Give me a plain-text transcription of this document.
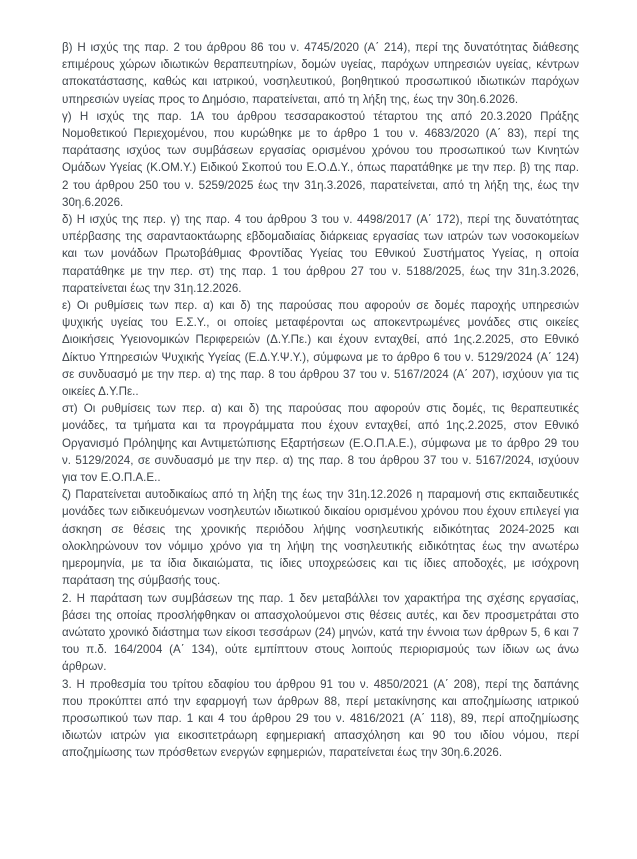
β) Η ισχύς της παρ. 2 του άρθρου 86 του ν. 4745/2020 (Α΄ 214), περί της δυνατότητας διάθεσης επιμέρους χώρων ιδιωτικών θεραπευτηρίων, δομών υγείας, παρόχων υπηρεσιών υγείας, κέντρων αποκατάστασης, καθώς και ιατρικού, νοσηλευτικού, βοηθητικού προσωπικού ιδιωτικών παρόχων υπηρεσιών υγείας προς το Δημόσιο, παρατείνεται, από τη λήξη της, έως την 30η.6.2026.

γ) Η ισχύς της παρ. 1Α του άρθρου τεσσαρακοστού τέταρτου της από 20.3.2020 Πράξης Νομοθετικού Περιεχομένου, που κυρώθηκε με το άρθρο 1 του ν. 4683/2020 (Α΄ 83), περί της παράτασης ισχύος των συμβάσεων εργασίας ορισμένου χρόνου του προσωπικού των Κινητών Ομάδων Υγείας (Κ.ΟΜ.Υ.) Ειδικού Σκοπού του Ε.Ο.Δ.Υ., όπως παρατάθηκε με την περ. β) της παρ. 2 του άρθρου 250 του ν. 5259/2025 έως την 31η.3.2026, παρατείνεται, από τη λήξη της, έως την 30η.6.2026.

δ) Η ισχύς της περ. γ) της παρ. 4 του άρθρου 3 του ν. 4498/2017 (Α΄ 172), περί της δυνατότητας υπέρβασης της σαρανταοκτάωρης εβδομαδιαίας διάρκειας εργασίας των ιατρών των νοσοκομείων και των μονάδων Πρωτοβάθμιας Φροντίδας Υγείας του Εθνικού Συστήματος Υγείας, η οποία παρατάθηκε με την περ. στ) της παρ. 1 του άρθρου 27 του ν. 5188/2025, έως την 31η.3.2026, παρατείνεται έως την 31η.12.2026.

ε) Οι ρυθμίσεις των περ. α) και δ) της παρούσας που αφορούν σε δομές παροχής υπηρεσιών ψυχικής υγείας του Ε.Σ.Υ., οι οποίες μεταφέρονται ως αποκεντρωμένες μονάδες στις οικείες Διοικήσεις Υγειονομικών Περιφερειών (Δ.Υ.Πε.) και έχουν ενταχθεί, από 1ης.2.2025, στο Εθνικό Δίκτυο Υπηρεσιών Ψυχικής Υγείας (Ε.Δ.Υ.Ψ.Υ.), σύμφωνα με το άρθρο 6 του ν. 5129/2024 (Α΄ 124) σε συνδυασμό με την περ. α) της παρ. 8 του άρθρου 37 του ν. 5167/2024 (Α΄ 207), ισχύουν για τις οικείες Δ.Υ.Πε..

στ) Οι ρυθμίσεις των περ. α) και δ) της παρούσας που αφορούν στις δομές, τις θεραπευτικές μονάδες, τα τμήματα και τα προγράμματα που έχουν ενταχθεί, από 1ης.2.2025, στον Εθνικό Οργανισμό Πρόληψης και Αντιμετώπισης Εξαρτήσεων (Ε.Ο.Π.Α.Ε.), σύμφωνα με το άρθρο 29 του ν. 5129/2024, σε συνδυασμό με την περ. α) της παρ. 8 του άρθρου 37 του ν. 5167/2024, ισχύουν για τον Ε.Ο.Π.Α.Ε..

ζ) Παρατείνεται αυτοδικαίως από τη λήξη της έως την 31η.12.2026 η παραμονή στις εκπαιδευτικές μονάδες των ειδικευόμενων νοσηλευτών ιδιωτικού δικαίου ορισμένου χρόνου που έχουν επιλεγεί για άσκηση σε θέσεις της χρονικής περιόδου λήψης νοσηλευτικής ειδικότητας 2024-2025 και ολοκληρώνουν τον νόμιμο χρόνο για τη λήψη της νοσηλευτικής ειδικότητας έως την ανωτέρω ημερομηνία, με τα ίδια δικαιώματα, τις ίδιες υποχρεώσεις και τις ίδιες αποδοχές, με ισόχρονη παράταση της σύμβασής τους.

2. Η παράταση των συμβάσεων της παρ. 1 δεν μεταβάλλει τον χαρακτήρα της σχέσης εργασίας, βάσει της οποίας προσλήφθηκαν οι απασχολούμενοι στις θέσεις αυτές, και δεν προσμετράται στο ανώτατο χρονικό διάστημα των είκοσι τεσσάρων (24) μηνών, κατά την έννοια των άρθρων 5, 6 και 7 του π.δ. 164/2004 (Α΄ 134), ούτε εμπίπτουν στους λοιπούς περιορισμούς των ίδιων ως άνω άρθρων.

3. Η προθεσμία του τρίτου εδαφίου του άρθρου 91 του ν. 4850/2021 (Α΄ 208), περί της δαπάνης που προκύπτει από την εφαρμογή των άρθρων 88, περί μετακίνησης και αποζημίωσης ιατρικού προσωπικού των παρ. 1 και 4 του άρθρου 29 του ν. 4816/2021 (Α΄ 118), 89, περί αποζημίωσης ιδιωτών ιατρών για εικοσιτετράωρη εφημεριακή απασχόληση και 90 του ιδίου νόμου, περί αποζημίωσης των πρόσθετων ενεργών εφημεριών, παρατείνεται έως την 30η.6.2026.
